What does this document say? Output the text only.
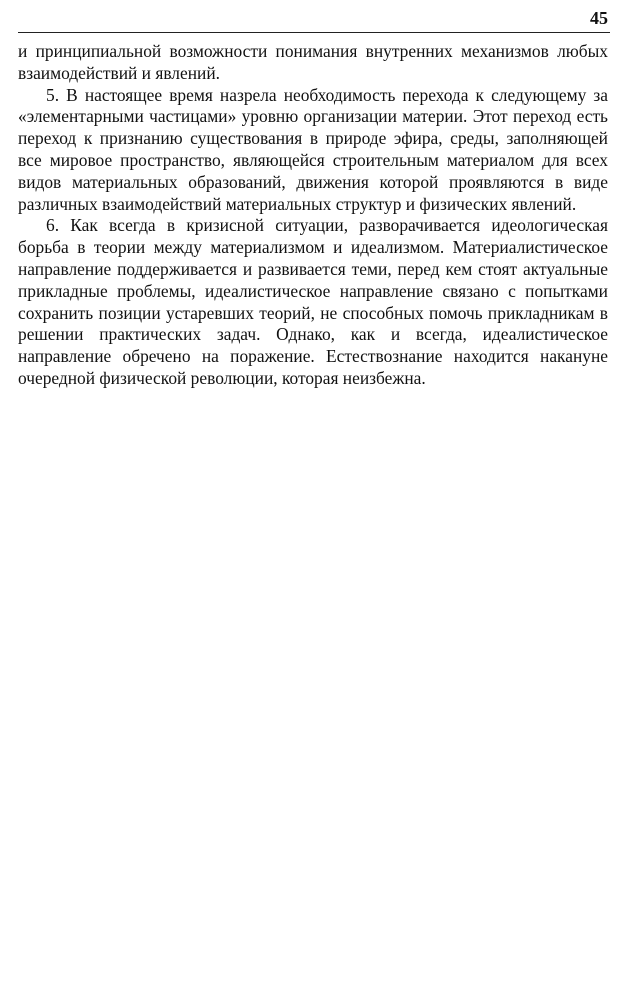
45

и принципиальной возможности понимания внутренних механизмов любых взаимодействий и явлений.

5. В настоящее время назрела необходимость перехода к следующему за «элементарными частицами» уровню организации материи. Этот переход есть переход к признанию существования в природе эфира, среды, заполняющей все мировое пространство, являющейся строительным материалом для всех видов материальных образований, движения которой проявляются в виде различных взаимодействий материальных структур и физических явлений.

6. Как всегда в кризисной ситуации, разворачивается идеологическая борьба в теории между материализмом и идеализмом. Материалистическое направление поддерживается и развивается теми, перед кем стоят актуальные прикладные проблемы, идеалистическое направление связано с попытками сохранить позиции устаревших теорий, не способных помочь прикладникам в решении практических задач. Однако, как и всегда, идеалистическое направление обречено на поражение. Естествознание находится накануне очередной физической революции, которая неизбежна.
